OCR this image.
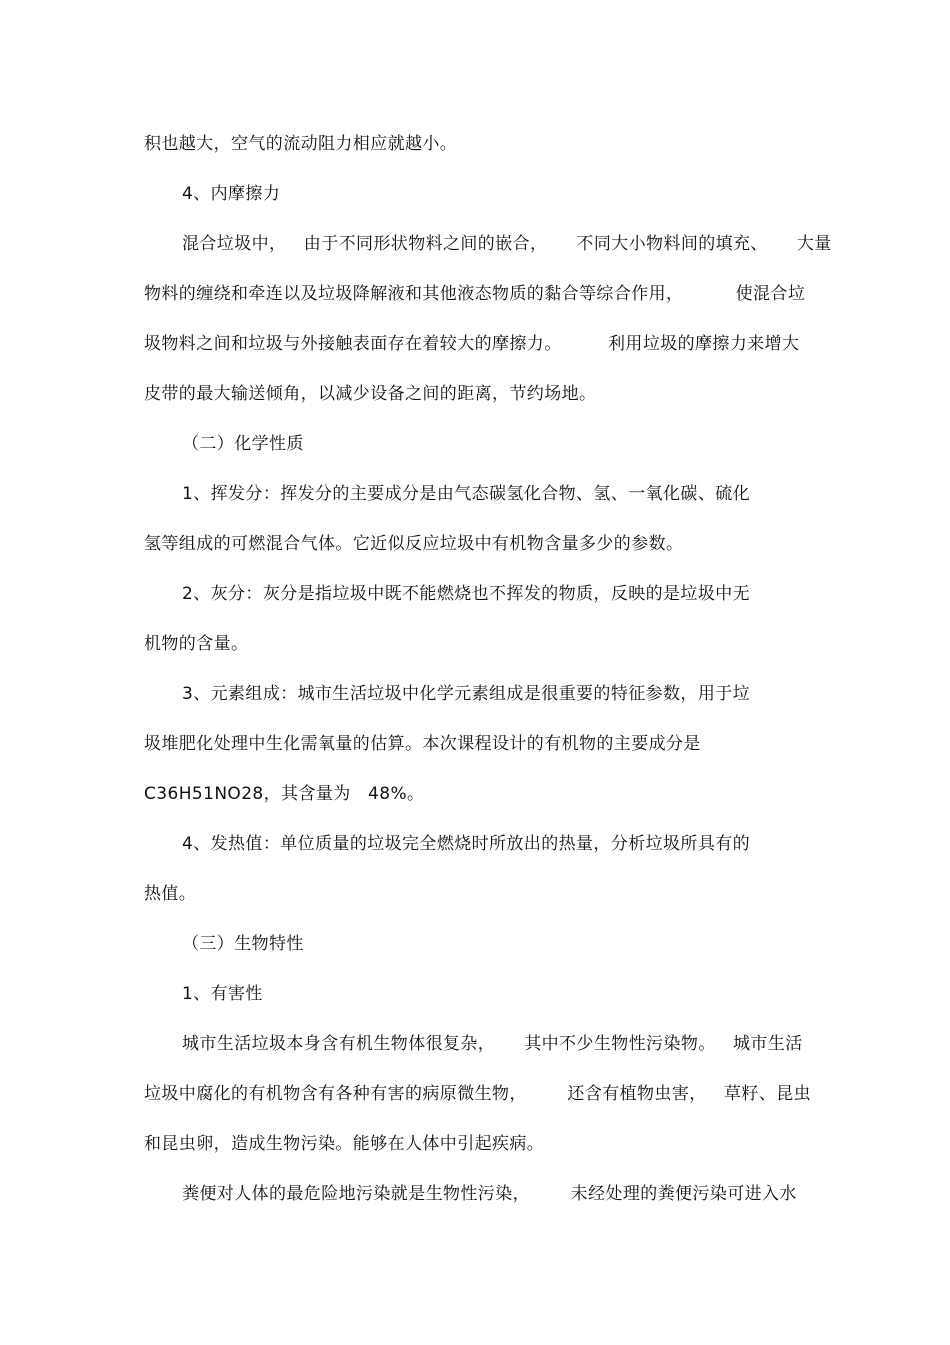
积也越大，空气的流动阻力相应就越小。
4、内摩擦力
混合垃圾中，   由于不同形状物料之间的嵌合，     不同大小物料间的填充、     大量
物料的缠绕和牵连以及垃圾降解液和其他液态物质的黏合等综合作用，         使混合垃
圾物料之间和垃圾与外接触表面存在着较大的摩擦力。        利用垃圾的摩擦力来增大
皮带的最大输送倾角，以减少设备之间的距离，节约场地。
（二）化学性质
1、挥发分：挥发分的主要成分是由气态碳氢化合物、氢、一氧化碳、硫化
氢等组成的可燃混合气体。它近似反应垃圾中有机物含量多少的参数。
2、灰分：灰分是指垃圾中既不能燃烧也不挥发的物质，反映的是垃圾中无
机物的含量。
3、元素组成：城市生活垃圾中化学元素组成是很重要的特征参数，用于垃
圾堆肥化处理中生化需氧量的估算。本次课程设计的有机物的主要成分是
C36H51NO28，其含量为   48%。
4、发热值：单位质量的垃圾完全燃烧时所放出的热量，分析垃圾所具有的
热值。
（三）生物特性
1、有害性
城市生活垃圾本身含有机生物体很复杂，     其中不少生物性污染物。   城市生活
垃圾中腐化的有机物含有各种有害的病原微生物，       还含有植物虫害，   草籽、昆虫
和昆虫卵，造成生物污染。能够在人体中引起疾病。
粪便对人体的最危险地污染就是生物性污染，       未经处理的粪便污染可进入水
